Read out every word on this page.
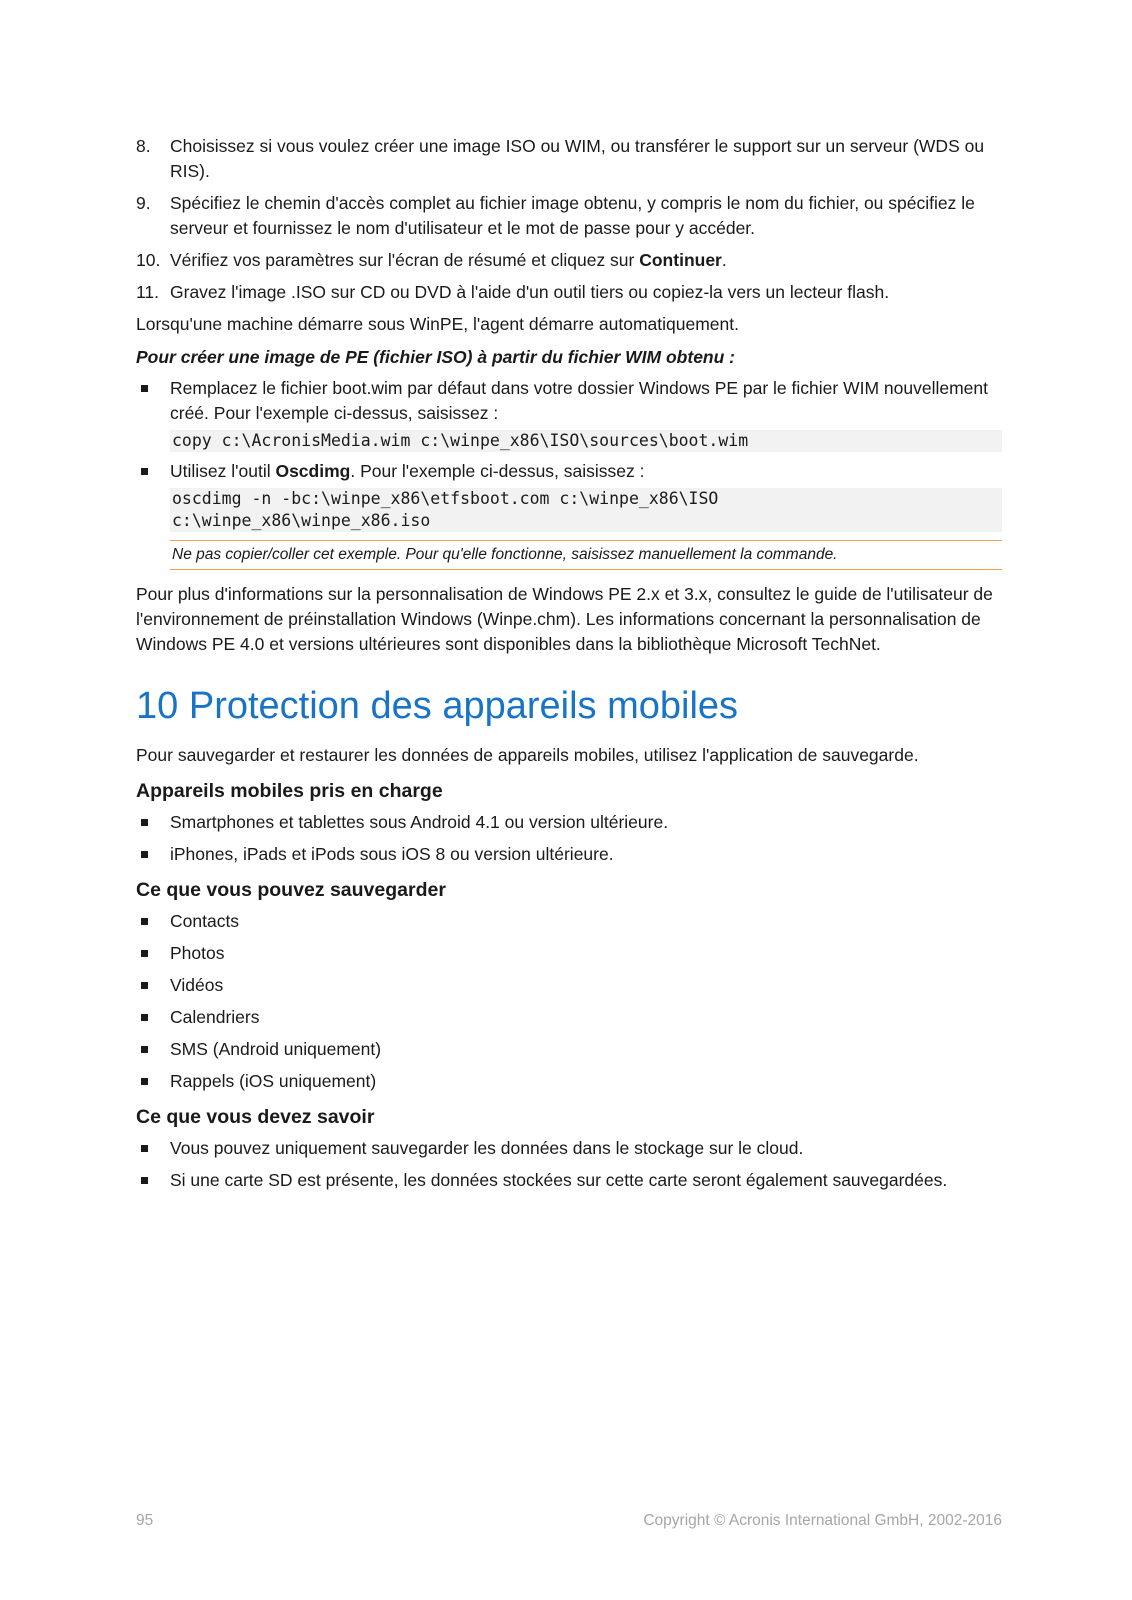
8. Choisissez si vous voulez créer une image ISO ou WIM, ou transférer le support sur un serveur (WDS ou RIS).
9. Spécifiez le chemin d'accès complet au fichier image obtenu, y compris le nom du fichier, ou spécifiez le serveur et fournissez le nom d'utilisateur et le mot de passe pour y accéder.
10. Vérifiez vos paramètres sur l'écran de résumé et cliquez sur Continuer.
11. Gravez l'image .ISO sur CD ou DVD à l'aide d'un outil tiers ou copiez-la vers un lecteur flash.

Lorsqu'une machine démarre sous WinPE, l'agent démarre automatiquement.

Pour créer une image de PE (fichier ISO) à partir du fichier WIM obtenu :

Remplacez le fichier boot.wim par défaut dans votre dossier Windows PE par le fichier WIM nouvellement créé. Pour l'exemple ci-dessus, saisissez :
copy c:\AcronisMedia.wim c:\winpe_x86\ISO\sources\boot.wim
Utilisez l'outil Oscdimg. Pour l'exemple ci-dessus, saisissez :
oscdimg -n -bc:\winpe_x86\etfsboot.com c:\winpe_x86\ISO
c:\winpe_x86\winpe_x86.iso
Ne pas copier/coller cet exemple. Pour qu'elle fonctionne, saisissez manuellement la commande.

Pour plus d'informations sur la personnalisation de Windows PE 2.x et 3.x, consultez le guide de l'utilisateur de l'environnement de préinstallation Windows (Winpe.chm). Les informations concernant la personnalisation de Windows PE 4.0 et versions ultérieures sont disponibles dans la bibliothèque Microsoft TechNet.

10 Protection des appareils mobiles

Pour sauvegarder et restaurer les données de appareils mobiles, utilisez l'application de sauvegarde.

Appareils mobiles pris en charge
Smartphones et tablettes sous Android 4.1 ou version ultérieure.
iPhones, iPads et iPods sous iOS 8 ou version ultérieure.
Ce que vous pouvez sauvegarder
Contacts
Photos
Vidéos
Calendriers
SMS (Android uniquement)
Rappels (iOS uniquement)
Ce que vous devez savoir
Vous pouvez uniquement sauvegarder les données dans le stockage sur le cloud.
Si une carte SD est présente, les données stockées sur cette carte seront également sauvegardées.
95	Copyright © Acronis International GmbH, 2002-2016
